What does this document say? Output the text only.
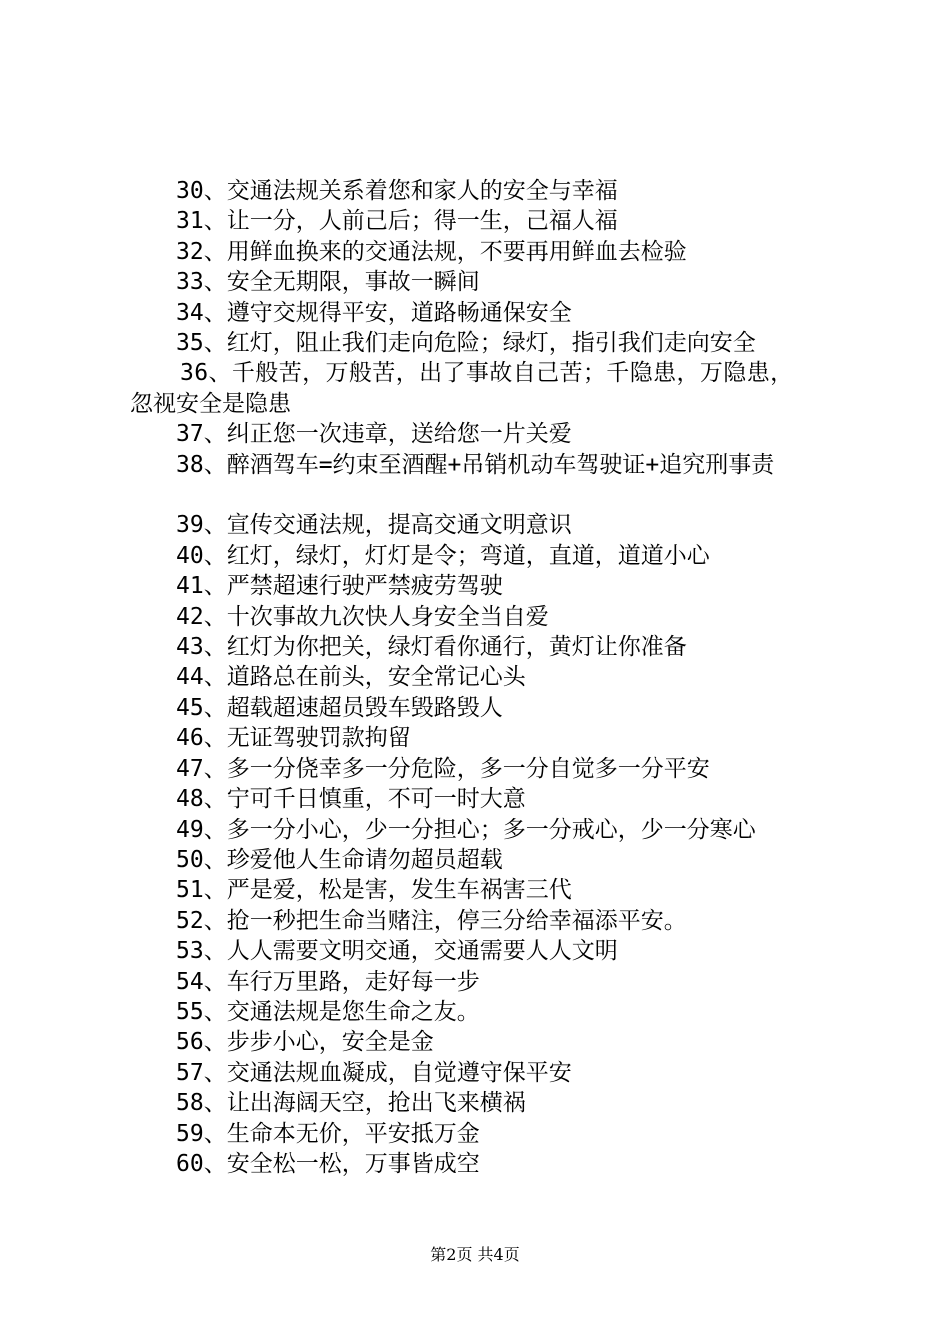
30、交通法规关系着您和家人的安全与幸福

31、让一分，人前己后；得一生，己福人福

32、用鲜血换来的交通法规，不要再用鲜血去检验

33、安全无期限，事故一瞬间

34、遵守交规得平安，道路畅通保安全

35、红灯，阻止我们走向危险；绿灯，指引我们走向安全

36、千般苦，万般苦，出了事故自己苦；千隐患，万隐患，

忽视安全是隐患

37、纠正您一次违章，送给您一片关爱

38、醉酒驾车=约束至酒醒+吊销机动车驾驶证+追究刑事责

39、宣传交通法规，提高交通文明意识

40、红灯，绿灯，灯灯是令；弯道，直道，道道小心

41、严禁超速行驶严禁疲劳驾驶

42、十次事故九次快人身安全当自爱

43、红灯为你把关，绿灯看你通行，黄灯让你准备

44、道路总在前头，安全常记心头

45、超载超速超员毁车毁路毁人

46、无证驾驶罚款拘留

47、多一分侥幸多一分危险，多一分自觉多一分平安

48、宁可千日慎重，不可一时大意

49、多一分小心，少一分担心；多一分戒心，少一分寒心

50、珍爱他人生命请勿超员超载

51、严是爱，松是害，发生车祸害三代

52、抢一秒把生命当赌注，停三分给幸福添平安。

53、人人需要文明交通，交通需要人人文明

54、车行万里路，走好每一步

55、交通法规是您生命之友。

56、步步小心，安全是金

57、交通法规血凝成，自觉遵守保平安

58、让出海阔天空，抢出飞来横祸

59、生命本无价，平安抵万金

60、安全松一松，万事皆成空

第2页 共4页
